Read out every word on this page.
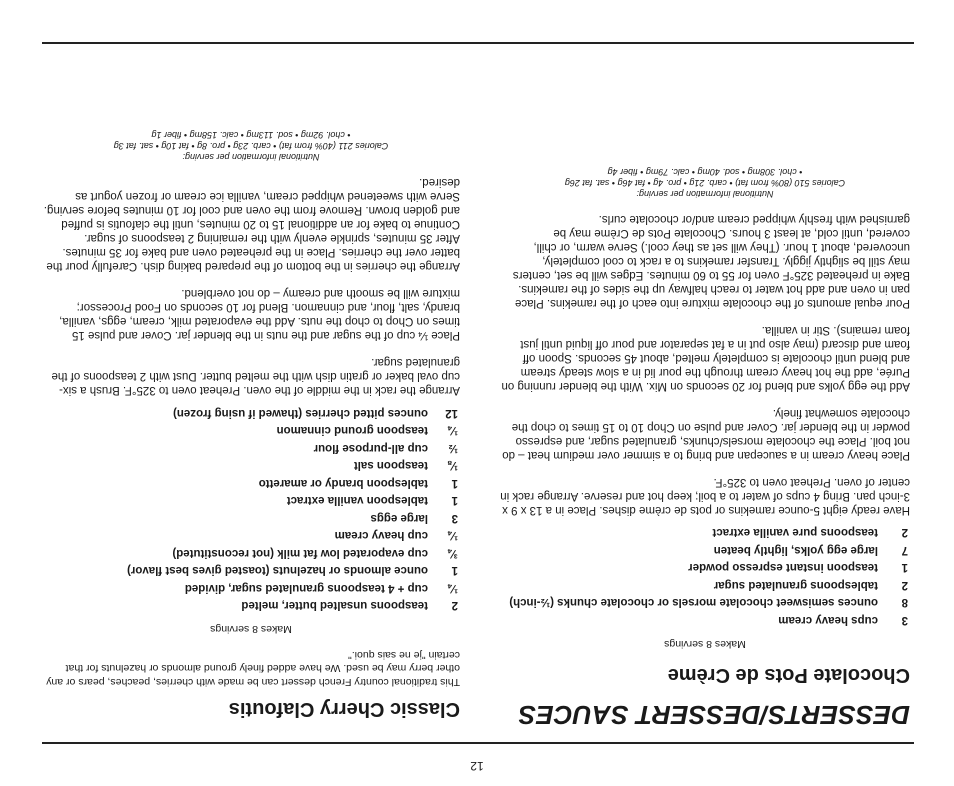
DESSERTS/DESSERT SAUCES
Chocolate Pots de Crème
Makes 8 servings
3
cups heavy cream
8
ounces semisweet chocolate morsels or chocolate chunks (½-inch)
2
tablespoons granulated sugar
1
teaspoon instant espresso powder
7
large egg yolks, lightly beaten
2
teaspoons pure vanilla extract

Have ready eight 5-ounce ramekins or pots de crème dishes. Place in a 13 x 9 x 3-inch pan. Bring 4 cups of water to a boil; keep hot and reserve. Arrange rack in center of oven. Preheat oven to 325°F.

Place heavy cream in a saucepan and bring to a simmer over medium heat – do not boil. Place the chocolate morsels/chunks, granulated sugar, and espresso powder in the blender jar. Cover and pulse on Chop 10 to 15 times to chop the chocolate somewhat finely.

Add the egg yolks and blend for 20 seconds on Mix. With the blender running on Purée, add the hot heavy cream through the pour lid in a slow steady stream and blend until chocolate is completely melted, about 45 seconds. Spoon off foam and discard (may also put in a fat separator and pour off liquid until just foam remains). Stir in vanilla.

Pour equal amounts of the chocolate mixture into each of the ramekins. Place pan in oven and add hot water to reach halfway up the sides of the ramekins. Bake in preheated 325°F oven for 55 to 60 minutes. Edges will be set, centers may still be slightly jiggly. Transfer ramekins to a rack to cool completely, uncovered, about 1 hour. (They will set as they cool.) Serve warm, or chill, covered, until cold, at least 3 hours. Chocolate Pots de Crème may be garnished with freshly whipped cream and/or chocolate curls.

Nutritional information per serving:
Calories 510 (80% from fat) • carb. 21g • pro. 4g • fat 46g • sat. fat 26g
• chol. 308mg • sod. 40mg • calc. 79mg • fiber 4g
Classic Cherry Clafoutis

This traditional country French dessert can be made with cherries, peaches, pears or any other berry may be used. We have added finely ground almonds or hazelnuts for that certain "je ne sais quoi."

Makes 8 servings
2
teaspoons unsalted butter, melted
¼
cup + 4 teaspoons granulated sugar, divided
1
ounce almonds or hazelnuts (toasted gives best flavor)
¾
cup evaporated low fat milk (not reconstituted)
¼
cup heavy cream
3
large eggs
1
tablespoon vanilla extract
1
tablespoon brandy or amaretto
⅛
teaspoon salt
½
cup all-purpose flour
¼
teaspoon ground cinnamon
12
ounces pitted cherries (thawed if using frozen)

Arrange the rack in the middle of the oven. Preheat oven to 325°F. Brush a six-cup oval baker or gratin dish with the melted butter. Dust with 2 teaspoons of the granulated sugar.

Place ¼ cup of the sugar and the nuts in the blender jar. Cover and pulse 15 times on Chop to chop the nuts. Add the evaporated milk, cream, eggs, vanilla, brandy, salt, flour, and cinnamon. Blend for 10 seconds on Food Processor; mixture will be smooth and creamy – do not overblend.

Arrange the cherries in the bottom of the prepared baking dish. Carefully pour the batter over the cherries. Place in the preheated oven and bake for 35 minutes. After 35 minutes, sprinkle evenly with the remaining 2 teaspoons of sugar. Continue to bake for an additional 15 to 20 minutes, until the clafoutis is puffed and golden brown. Remove from the oven and cool for 10 minutes before serving. Serve with sweetened whipped cream, vanilla ice cream or frozen yogurt as desired.

Nutritional information per serving:
Calories 211 (40% from fat) • carb. 23g • pro. 8g • fat 10g • sat. fat 3g
• chol. 92mg • sod. 113mg • calc. 158mg • fiber 1g
12
